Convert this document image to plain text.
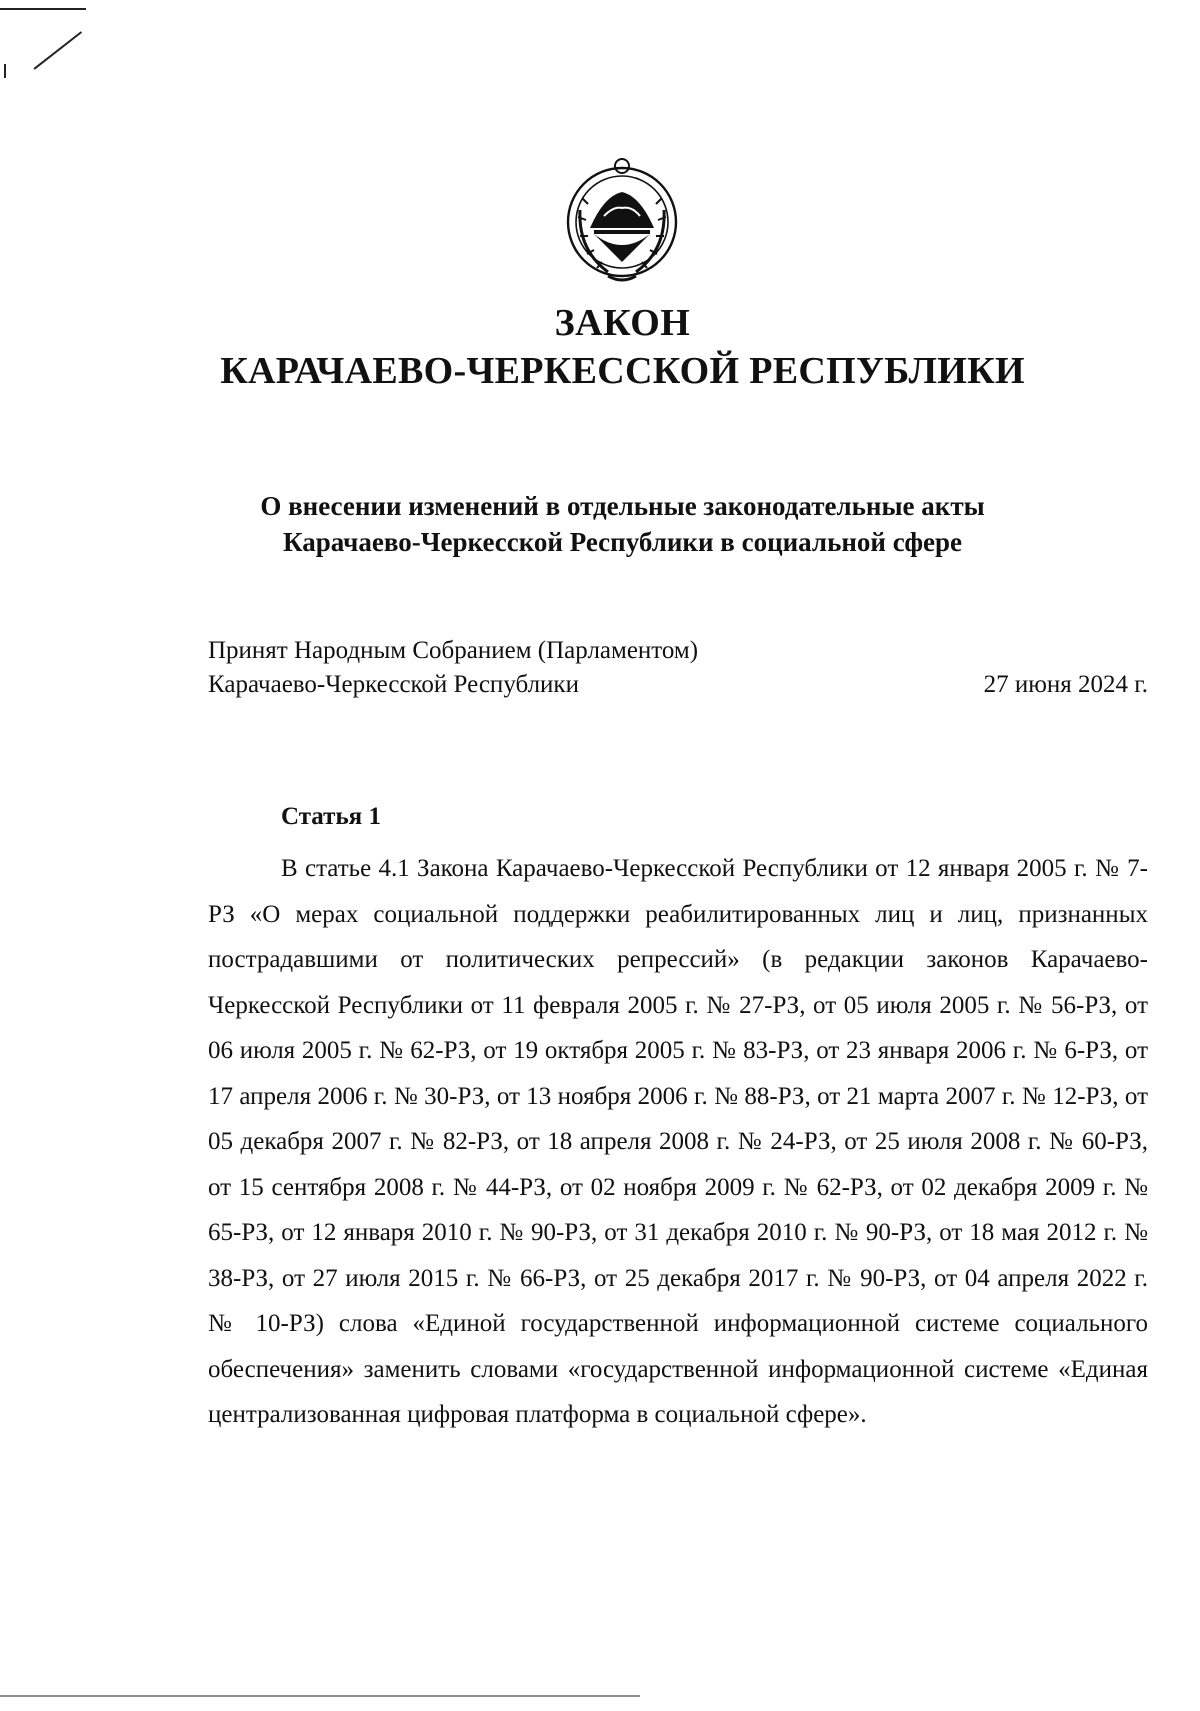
ЗАКОН
КАРАЧАЕВО-ЧЕРКЕССКОЙ РЕСПУБЛИКИ
О внесении изменений в отдельные законодательные акты
Карачаево-Черкесской Республики в социальной сфере
Принят Народным Собранием (Парламентом)
Карачаево-Черкесской Республики	27 июня 2024 г.
Статья 1

В статье 4.1 Закона Карачаево-Черкесской Республики от 12 января 2005 г. № 7-РЗ «О мерах социальной поддержки реабилитированных лиц и лиц, признанных пострадавшими от политических репрессий» (в редакции законов Карачаево-Черкесской Республики от 11 февраля 2005 г. № 27-РЗ, от 05 июля 2005 г. № 56-РЗ, от 06 июля 2005 г. № 62-РЗ, от 19 октября 2005 г. № 83-РЗ, от 23 января 2006 г. № 6-РЗ, от 17 апреля 2006 г. № 30-РЗ, от 13 ноября 2006 г. № 88-РЗ, от 21 марта 2007 г. № 12-РЗ, от 05 декабря 2007 г. № 82-РЗ, от 18 апреля 2008 г. № 24-РЗ, от 25 июля 2008 г. № 60-РЗ, от 15 сентября 2008 г. № 44-РЗ, от 02 ноября 2009 г. № 62-РЗ, от 02 декабря 2009 г. № 65-РЗ, от 12 января 2010 г. № 90-РЗ, от 31 декабря 2010 г. № 90-РЗ, от 18 мая 2012 г. № 38-РЗ, от 27 июля 2015 г. № 66-РЗ, от 25 декабря 2017 г. № 90-РЗ, от 04 апреля 2022 г. № 10-РЗ) слова «Единой государственной информационной системе социального обеспечения» заменить словами «государственной информационной системе «Единая централизованная цифровая платформа в социальной сфере».
